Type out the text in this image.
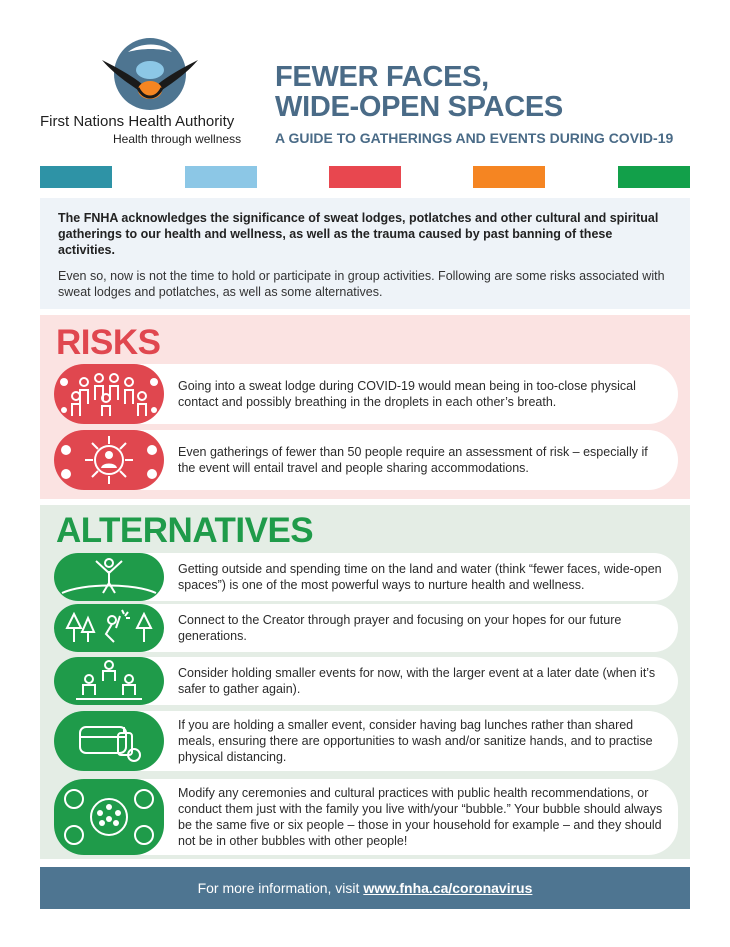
First Nations Health Authority
Health through wellness
FEWER FACES,
WIDE-OPEN SPACES
A GUIDE TO GATHERINGS AND EVENTS DURING COVID-19
The FNHA acknowledges the significance of sweat lodges, potlatches and other cultural and spiritual gatherings to our health and wellness, as well as the trauma caused by past banning of these activities.
Even so, now is not the time to hold or participate in group activities. Following are some risks associated with sweat lodges and potlatches, as well as some alternatives.
RISKS
Going into a sweat lodge during COVID-19 would mean being in too-close physical contact and possibly breathing in the droplets in each other’s breath.
Even gatherings of fewer than 50 people require an assessment of risk – especially if the event will entail travel and people sharing accommodations.
ALTERNATIVES
Getting outside and spending time on the land and water (think “fewer faces, wide-open spaces”) is one of the most powerful ways to nurture health and wellness.
Connect to the Creator through prayer and focusing on your hopes for our future generations.
Consider holding smaller events for now, with the larger event at a later date (when it’s safer to gather again).
If you are holding a smaller event, consider having bag lunches rather than shared meals, ensuring there are opportunities to wash and/or sanitize hands, and to practise physical distancing.
Modify any ceremonies and cultural practices with public health recommendations, or conduct them just with the family you live with/your “bubble.” Your bubble should always be the same five or six people – those in your household for example – and they should not be in other bubbles with other people!
For more information, visit www.fnha.ca/coronavirus
